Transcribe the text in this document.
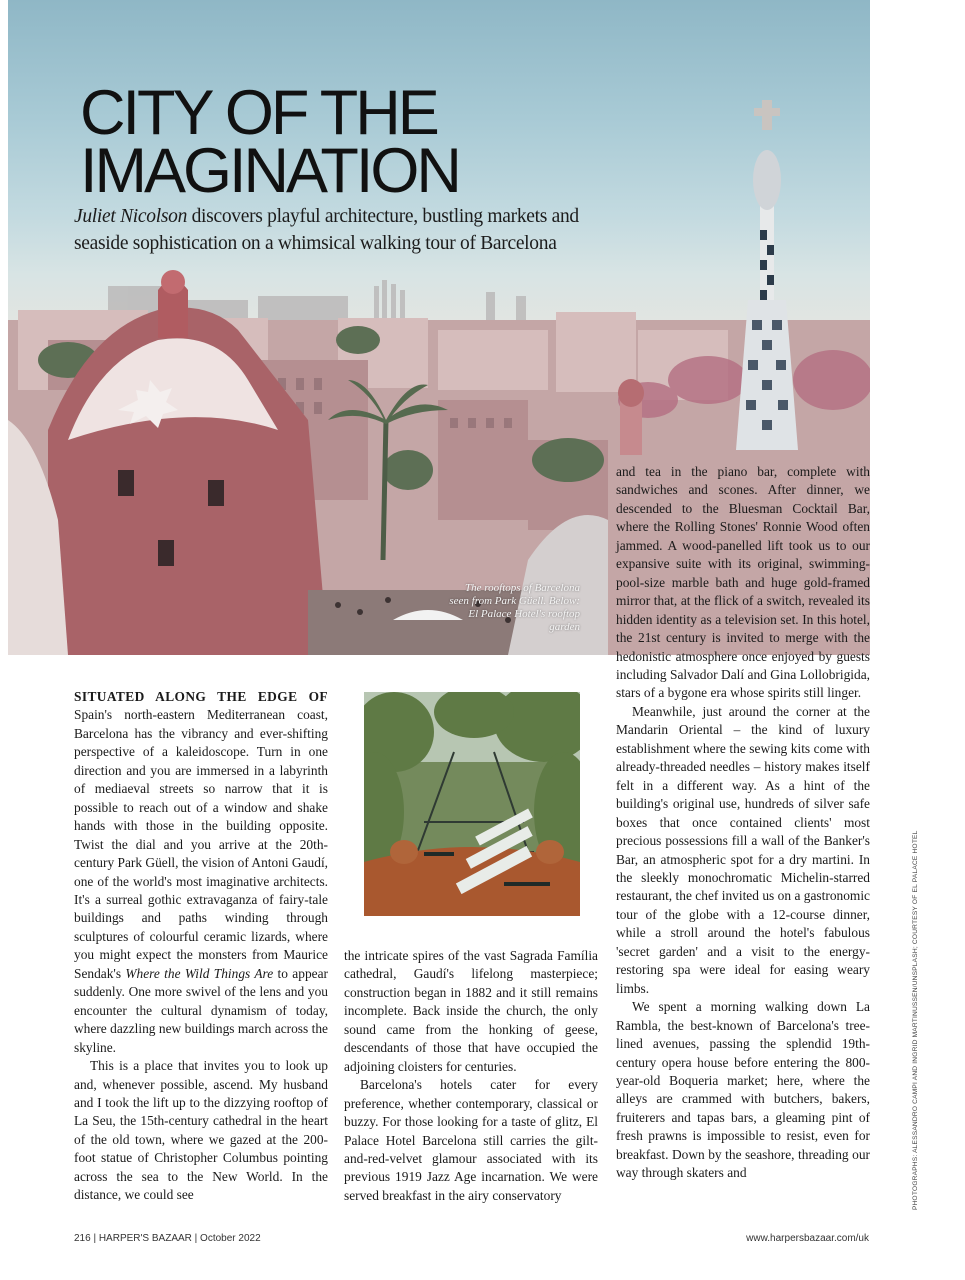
CITY OF THE
IMAGINATION
The rooftops of Barcelona seen from Park Güell. Below: El Palace Hotel's rooftop garden

Juliet Nicolson discovers playful architecture, bustling markets and seaside sophistication on a whimsical walking tour of Barcelona

SITUATED ALONG THE EDGE OF Spain's north-eastern Mediterranean coast, Barcelona has the vibrancy and ever-shifting perspective of a kaleidoscope. Turn in one direction and you are immersed in a labyrinth of mediaeval streets so narrow that it is possible to reach out of a window and shake hands with those in the building opposite. Twist the dial and you arrive at the 20th-century Park Güell, the vision of Antoni Gaudí, one of the world's most imaginative architects. It's a surreal gothic extravaganza of fairy-tale buildings and paths winding through sculptures of colourful ceramic lizards, where you might expect the monsters from Maurice Sendak's Where the Wild Things Are to appear suddenly. One more swivel of the lens and you encounter the cultural dynamism of today, where dazzling new buildings march across the skyline.

This is a place that invites you to look up and, whenever possible, ascend. My husband and I took the lift up to the dizzying rooftop of La Seu, the 15th-century cathedral in the heart of the old town, where we gazed at the 200-foot statue of Christopher Columbus pointing across the sea to the New World. In the distance, we could see

the intricate spires of the vast Sagrada Família cathedral, Gaudí's lifelong masterpiece; construction began in 1882 and it still remains incomplete. Back inside the church, the only sound came from the honking of geese, descendants of those that have occupied the adjoining cloisters for centuries.

Barcelona's hotels cater for every preference, whether contemporary, classical or buzzy. For those looking for a taste of glitz, El Palace Hotel Barcelona still carries the gilt-and-red-velvet glamour associated with its previous 1919 Jazz Age incarnation. We were served breakfast in the airy conservatory

and tea in the piano bar, complete with sandwiches and scones. After dinner, we descended to the Bluesman Cocktail Bar, where the Rolling Stones' Ronnie Wood often jammed. A wood-panelled lift took us to our expansive suite with its original, swimming-pool-size marble bath and huge gold-framed mirror that, at the flick of a switch, revealed its hidden identity as a television set. In this hotel, the 21st century is invited to merge with the hedonistic atmosphere once enjoyed by guests including Salvador Dalí and Gina Lollobrigida, stars of a bygone era whose spirits still linger.

Meanwhile, just around the corner at the Mandarin Oriental – the kind of luxury establishment where the sewing kits come with already-threaded needles – history makes itself felt in a different way. As a hint of the building's original use, hundreds of silver safe boxes that once contained clients' most precious possessions fill a wall of the Banker's Bar, an atmospheric spot for a dry martini. In the sleekly monochromatic Michelin-starred restaurant, the chef invited us on a gastronomic tour of the globe with a 12-course dinner, while a stroll around the hotel's fabulous 'secret garden' and a visit to the energy-restoring spa were ideal for easing weary limbs.

We spent a morning walking down La Rambla, the best-known of Barcelona's tree-lined avenues, passing the splendid 19th-century opera house before entering the 800-year-old Boqueria market; here, where the alleys are crammed with butchers, bakers, fruiterers and tapas bars, a gleaming pint of fresh prawns is impossible to resist, even for breakfast. Down by the seashore, threading our way through skaters and

216 | HARPER'S BAZAAR | October 2022	www.harpersbazaar.com/uk
PHOTOGRAPHS: ALESSANDRO CAMPI AND INGRID MARTINUSSEN/UNSPLASH; COURTESY OF EL PALACE HOTEL
